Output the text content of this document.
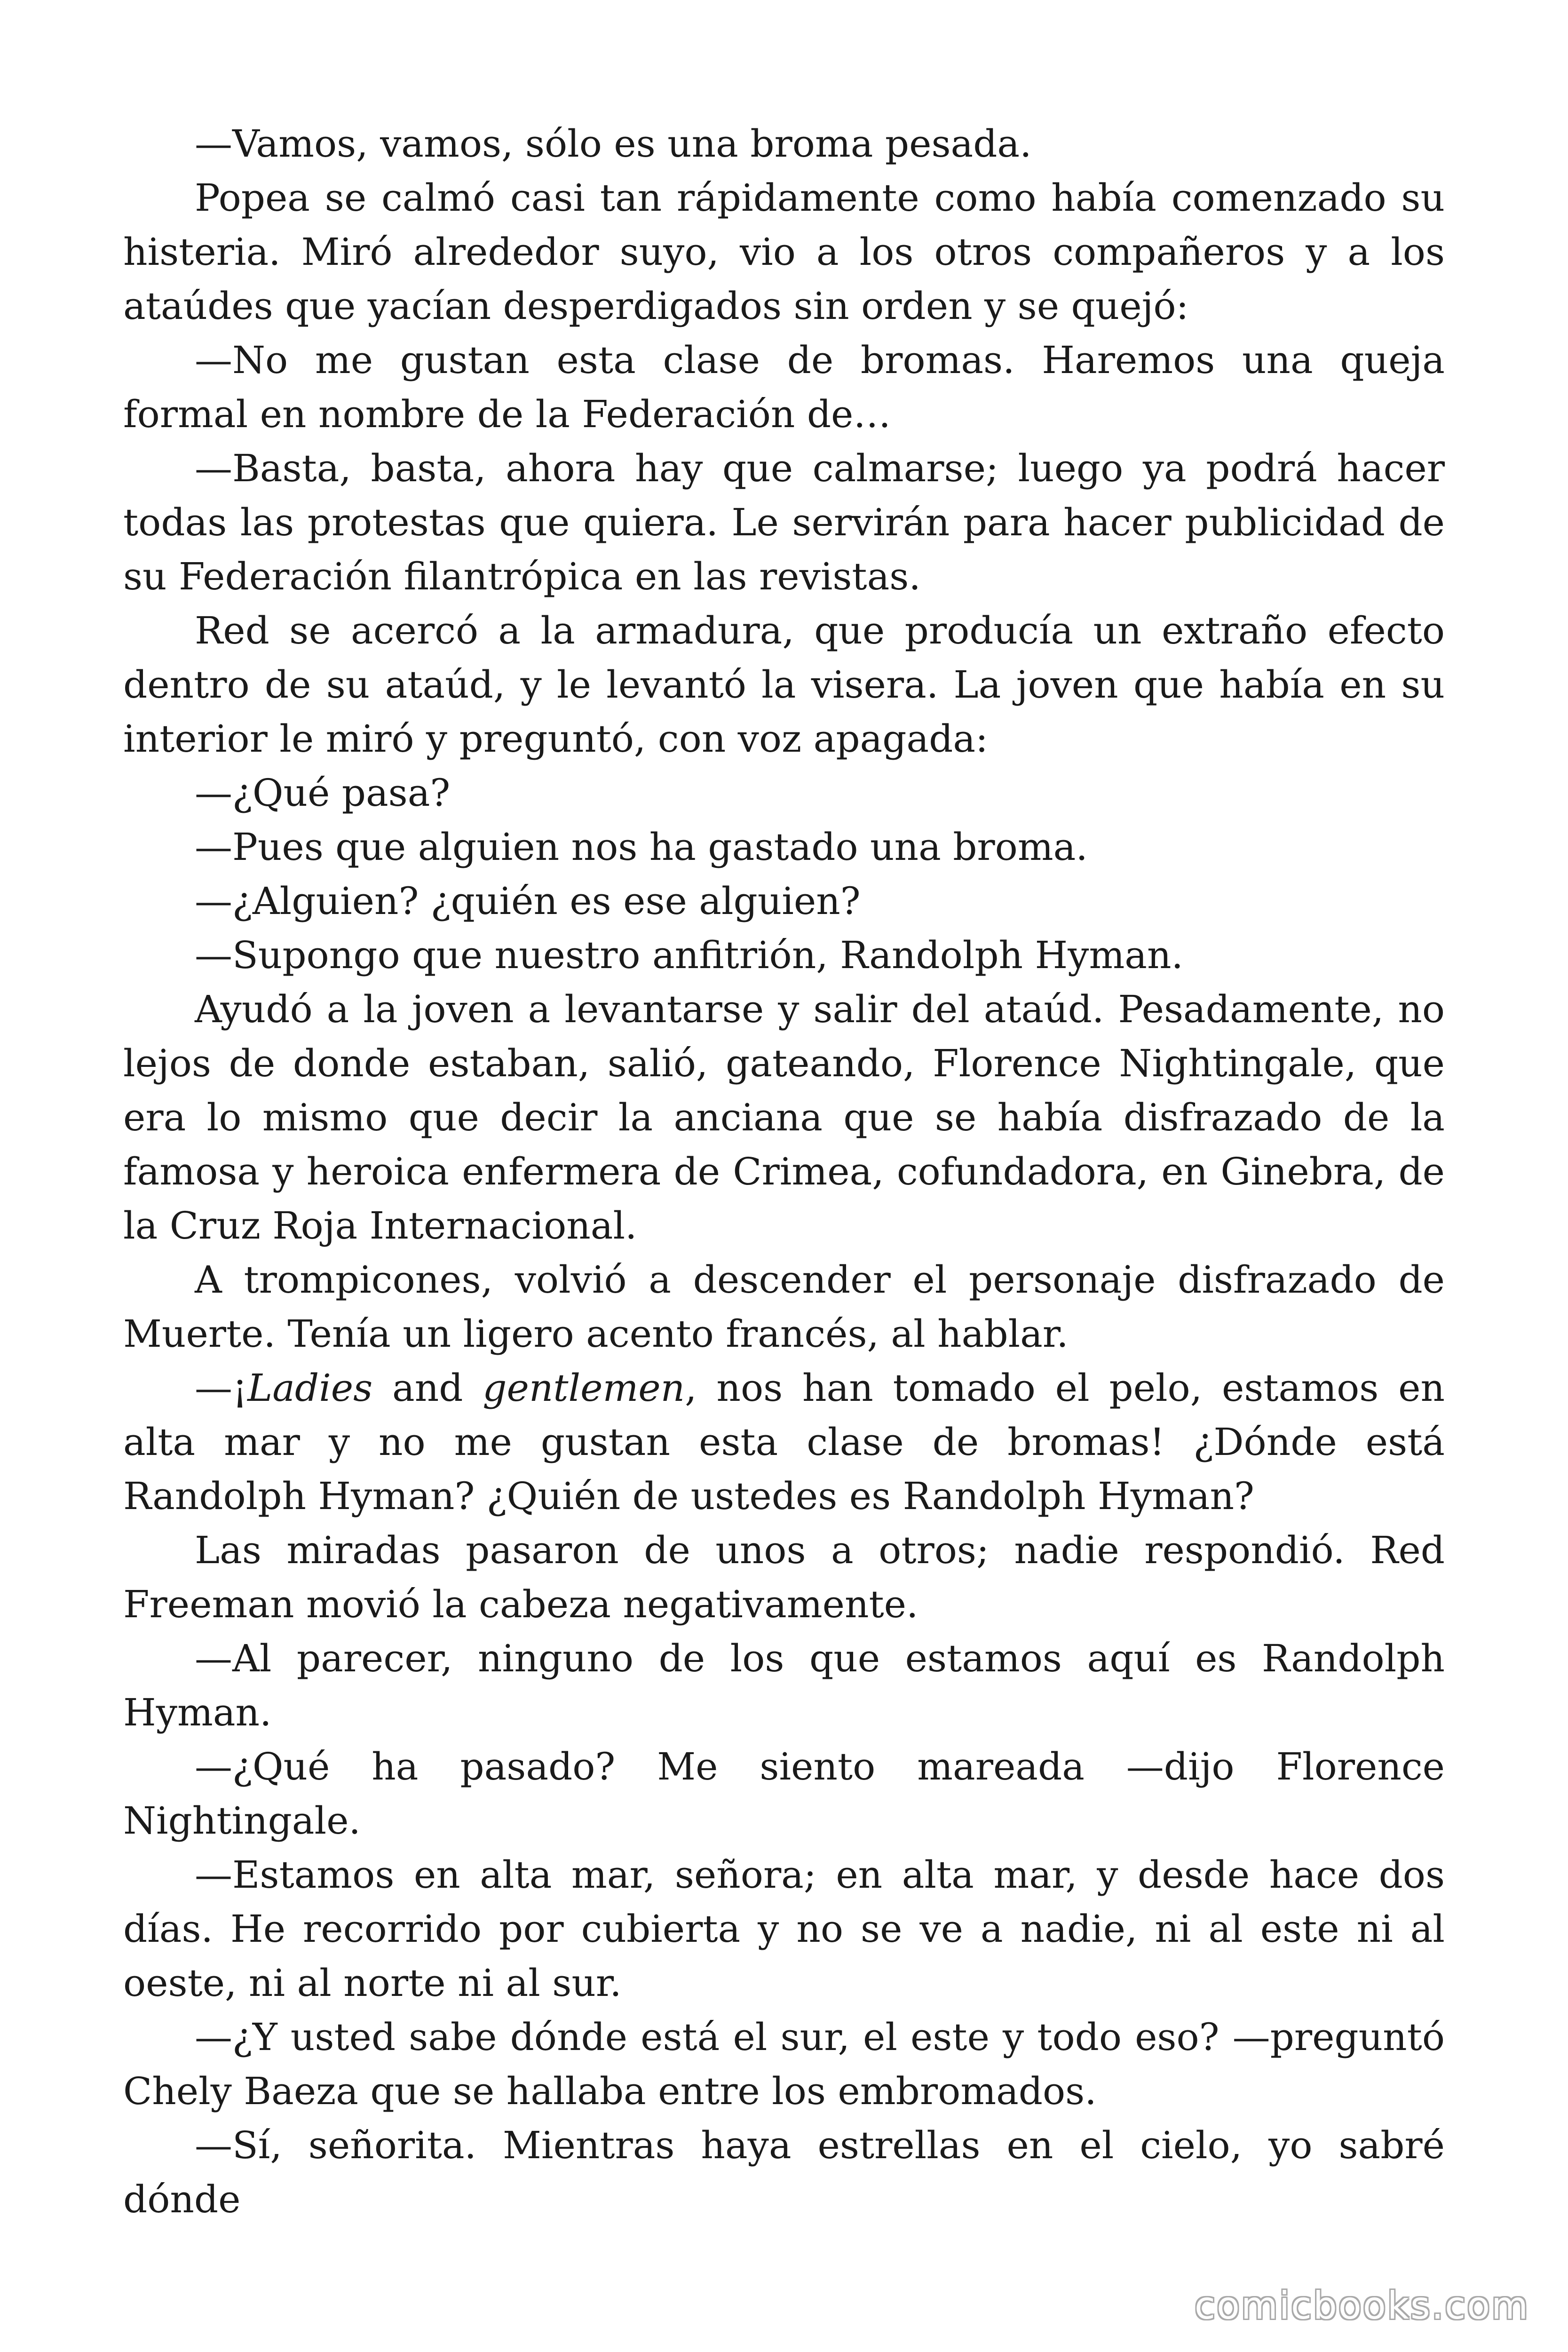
—Vamos, vamos, sólo es una broma pesada.

Popea se calmó casi tan rápidamente como había comenzado su histeria. Miró alrededor suyo, vio a los otros compañeros y a los ataúdes que yacían desperdigados sin orden y se quejó:

—No me gustan esta clase de bromas. Haremos una queja formal en nombre de la Federación de…

—Basta, basta, ahora hay que calmarse; luego ya podrá hacer todas las protestas que quiera. Le servirán para hacer publicidad de su Federación filantrópica en las revistas.

Red se acercó a la armadura, que producía un extraño efecto dentro de su ataúd, y le levantó la visera. La joven que había en su interior le miró y preguntó, con voz apagada:

—¿Qué pasa?

—Pues que alguien nos ha gastado una broma.

—¿Alguien? ¿quién es ese alguien?

—Supongo que nuestro anfitrión, Randolph Hyman.

Ayudó a la joven a levantarse y salir del ataúd. Pesadamente, no lejos de donde estaban, salió, gateando, Florence Nightingale, que era lo mismo que decir la anciana que se había disfrazado de la famosa y heroica enfermera de Crimea, cofundadora, en Ginebra, de la Cruz Roja Internacional.

A trompicones, volvió a descender el personaje disfrazado de Muerte. Tenía un ligero acento francés, al hablar.

—¡Ladies and gentlemen, nos han tomado el pelo, estamos en alta mar y no me gustan esta clase de bromas! ¿Dónde está Randolph Hyman? ¿Quién de ustedes es Randolph Hyman?

Las miradas pasaron de unos a otros; nadie respondió. Red Freeman movió la cabeza negativamente.

—Al parecer, ninguno de los que estamos aquí es Randolph Hyman.

—¿Qué ha pasado? Me siento mareada —dijo Florence Nightingale.

—Estamos en alta mar, señora; en alta mar, y desde hace dos días. He recorrido por cubierta y no se ve a nadie, ni al este ni al oeste, ni al norte ni al sur.

—¿Y usted sabe dónde está el sur, el este y todo eso? —preguntó Chely Baeza que se hallaba entre los embromados.

—Sí, señorita. Mientras haya estrellas en el cielo, yo sabré dónde

comicbooks.com
